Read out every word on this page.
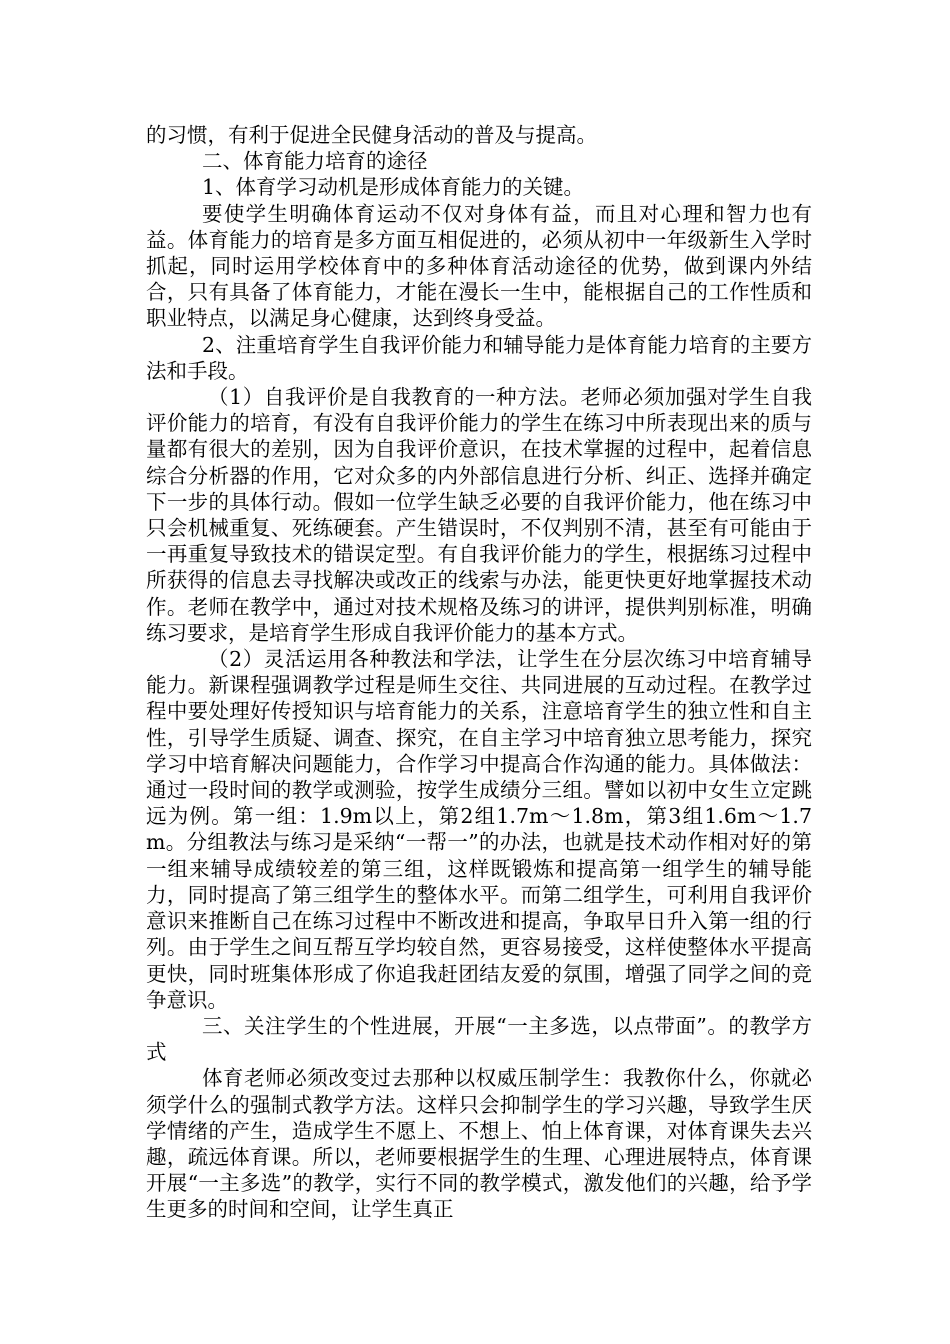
的习惯，有利于促进全民健身活动的普及与提高。

二、体育能力培育的途径

1、体育学习动机是形成体育能力的关键。

要使学生明确体育运动不仅对身体有益，而且对心理和智力也有益。体育能力的培育是多方面互相促进的，必须从初中一年级新生入学时抓起，同时运用学校体育中的多种体育活动途径的优势，做到课内外结合，只有具备了体育能力，才能在漫长一生中，能根据自己的工作性质和职业特点，以满足身心健康，达到终身受益。

2、注重培育学生自我评价能力和辅导能力是体育能力培育的主要方法和手段。

（1）自我评价是自我教育的一种方法。老师必须加强对学生自我评价能力的培育，有没有自我评价能力的学生在练习中所表现出来的质与量都有很大的差别，因为自我评价意识，在技术掌握的过程中，起着信息综合分析器的作用，它对众多的内外部信息进行分析、纠正、选择并确定下一步的具体行动。假如一位学生缺乏必要的自我评价能力，他在练习中只会机械重复、死练硬套。产生错误时，不仅判别不清，甚至有可能由于一再重复导致技术的错误定型。有自我评价能力的学生，根据练习过程中所获得的信息去寻找解决或改正的线索与办法，能更快更好地掌握技术动作。老师在教学中，通过对技术规格及练习的讲评，提供判别标准，明确练习要求，是培育学生形成自我评价能力的基本方式。

（2）灵活运用各种教法和学法，让学生在分层次练习中培育辅导能力。新课程强调教学过程是师生交往、共同进展的互动过程。在教学过程中要处理好传授知识与培育能力的关系，注意培育学生的独立性和自主性，引导学生质疑、调查、探究，在自主学习中培育独立思考能力，探究学习中培育解决问题能力，合作学习中提高合作沟通的能力。具体做法：通过一段时间的教学或测验，按学生成绩分三组。譬如以初中女生立定跳远为例。第一组：1.9m以上，第2组1.7m～1.8m，第3组1.6m～1.7m。分组教法与练习是采纳“一帮一”的办法，也就是技术动作相对好的第一组来辅导成绩较差的第三组，这样既锻炼和提高第一组学生的辅导能力，同时提高了第三组学生的整体水平。而第二组学生，可利用自我评价意识来推断自己在练习过程中不断改进和提高，争取早日升入第一组的行列。由于学生之间互帮互学均较自然，更容易接受，这样使整体水平提高更快，同时班集体形成了你追我赶团结友爱的氛围，增强了同学之间的竞争意识。

三、关注学生的个性进展，开展“一主多选，以点带面”。的教学方式

体育老师必须改变过去那种以权威压制学生：我教你什么，你就必须学什么的强制式教学方法。这样只会抑制学生的学习兴趣，导致学生厌学情绪的产生，造成学生不愿上、不想上、怕上体育课，对体育课失去兴趣，疏远体育课。所以，老师要根据学生的生理、心理进展特点，体育课开展“一主多选”的教学，实行不同的教学模式，激发他们的兴趣，给予学生更多的时间和空间，让学生真正
